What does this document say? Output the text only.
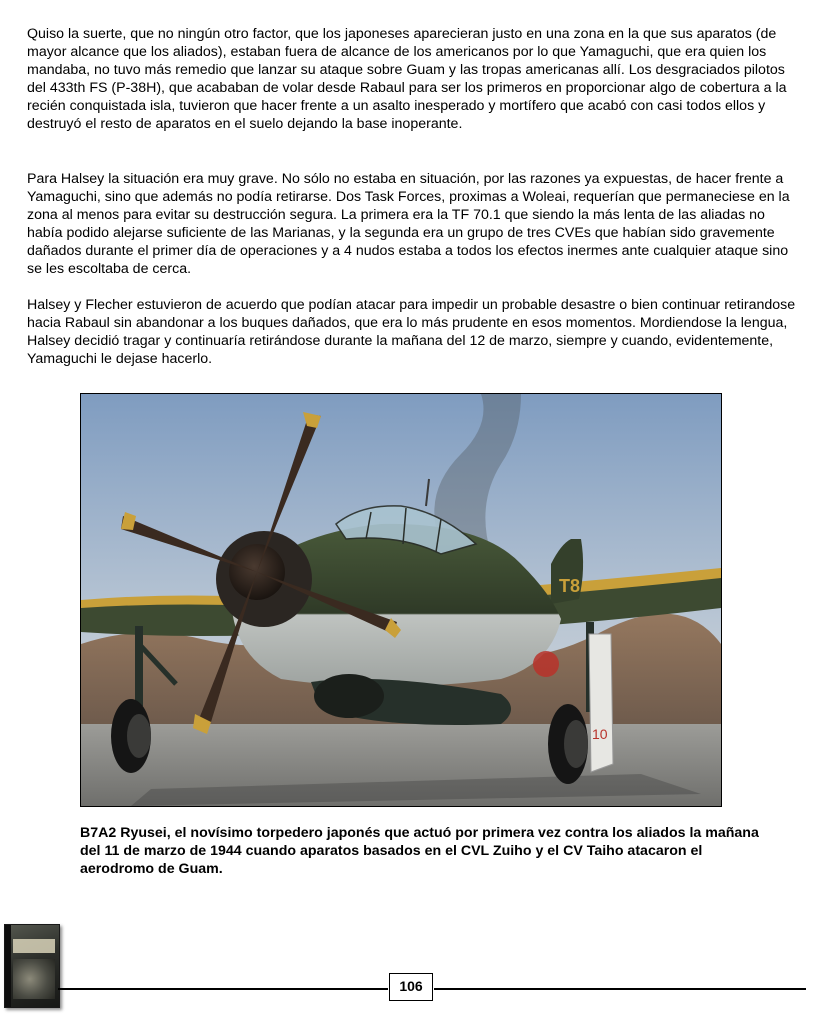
Quiso la suerte, que no ningún otro factor, que los japoneses aparecieran justo en una zona en la que sus aparatos (de mayor alcance que los aliados), estaban fuera de alcance de los americanos por lo que Yamaguchi, que era quien los mandaba, no tuvo más remedio que lanzar su ataque sobre Guam y las tropas americanas allí. Los desgraciados pilotos del 433th FS (P-38H), que acababan de volar desde Rabaul para ser los primeros en proporcionar algo de cobertura a la recién conquistada isla, tuvieron que hacer frente a un asalto inesperado y mortífero que acabó con casi todos ellos y destruyó el resto de aparatos en el suelo dejando la base inoperante.

Para Halsey la situación era muy grave. No sólo no estaba en situación, por las razones ya expuestas, de hacer frente a Yamaguchi, sino que además no podía retirarse. Dos Task Forces, proximas a Woleai, requerían que permaneciese en la zona al menos para evitar su destrucción segura. La primera era la TF 70.1 que siendo la más lenta de las aliadas no había podido alejarse suficiente de las Marianas, y la segunda era un grupo de tres CVEs que habían sido gravemente dañados durante el primer día de operaciones y a 4 nudos estaba a todos los efectos inermes ante cualquier ataque sino se les escoltaba de cerca.

Halsey y Flecher estuvieron de acuerdo que podían atacar para impedir un probable desastre o bien continuar retirandose hacia Rabaul sin abandonar a los buques dañados, que era lo más prudente en esos momentos. Mordiendose la lengua, Halsey decidió tragar y continuaría retirándose durante la mañana del 12 de marzo, siempre y cuando, evidentemente, Yamaguchi le dejase hacerlo.

T8
10

B7A2 Ryusei, el novísimo torpedero japonés que actuó por primera vez contra los aliados la mañana del 11 de marzo de 1944 cuando aparatos basados en el CVL Zuiho y el CV Taiho atacaron el aerodromo de Guam.

106
